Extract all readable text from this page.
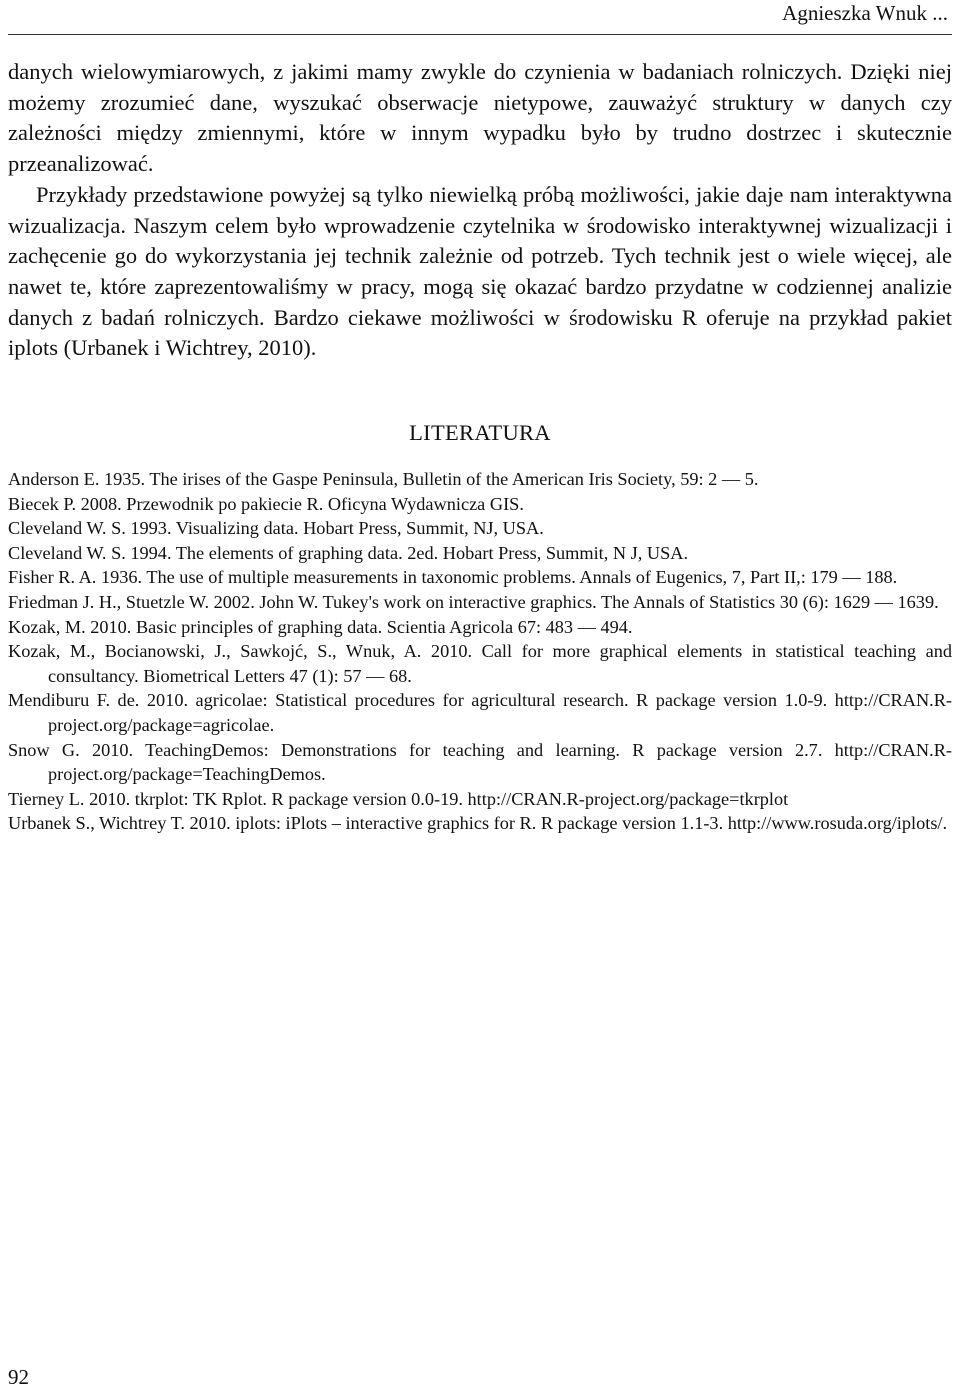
Agnieszka Wnuk ...

danych wielowymiarowych, z jakimi mamy zwykle do czynienia w badaniach rolniczych. Dzięki niej możemy zrozumieć dane, wyszukać obserwacje nietypowe, zauważyć struktury w danych czy zależności między zmiennymi, które w innym wypadku było by trudno dostrzec i skutecznie przeanalizować.

Przykłady przedstawione powyżej są tylko niewielką próbą możliwości, jakie daje nam interaktywna wizualizacja. Naszym celem było wprowadzenie czytelnika w środowisko interaktywnej wizualizacji i zachęcenie go do wykorzystania jej technik zależnie od potrzeb. Tych technik jest o wiele więcej, ale nawet te, które zaprezentowaliśmy w pracy, mogą się okazać bardzo przydatne w codziennej analizie danych z badań rolniczych. Bardzo ciekawe możliwości w środowisku R oferuje na przykład pakiet iplots (Urbanek i Wichtrey, 2010).

LITERATURA
Anderson E. 1935. The irises of the Gaspe Peninsula, Bulletin of the American Iris Society, 59: 2 — 5.
Biecek P. 2008. Przewodnik po pakiecie R. Oficyna Wydawnicza GIS.
Cleveland W. S. 1993. Visualizing data. Hobart Press, Summit, NJ, USA.
Cleveland W. S. 1994. The elements of graphing data. 2ed. Hobart Press, Summit, N J, USA.
Fisher R. A. 1936. The use of multiple measurements in taxonomic problems. Annals of Eugenics, 7, Part II,: 179 — 188.
Friedman J. H., Stuetzle W. 2002. John W. Tukey's work on interactive graphics. The Annals of Statistics 30 (6): 1629 — 1639.
Kozak, M. 2010. Basic principles of graphing data. Scientia Agricola 67: 483 — 494.
Kozak, M., Bocianowski, J., Sawkojć, S., Wnuk, A. 2010. Call for more graphical elements in statistical teaching and consultancy. Biometrical Letters 47 (1): 57 — 68.
Mendiburu F. de. 2010. agricolae: Statistical procedures for agricultural research. R package version 1.0-9. http://CRAN.R-project.org/package=agricolae.
Snow G. 2010. TeachingDemos: Demonstrations for teaching and learning. R package version 2.7. http://CRAN.R-project.org/package=TeachingDemos.
Tierney L. 2010. tkrplot: TK Rplot. R package version 0.0-19. http://CRAN.R-project.org/package=tkrplot
Urbanek S., Wichtrey T. 2010. iplots: iPlots – interactive graphics for R. R package version 1.1-3. http://www.rosuda.org/iplots/.
92
